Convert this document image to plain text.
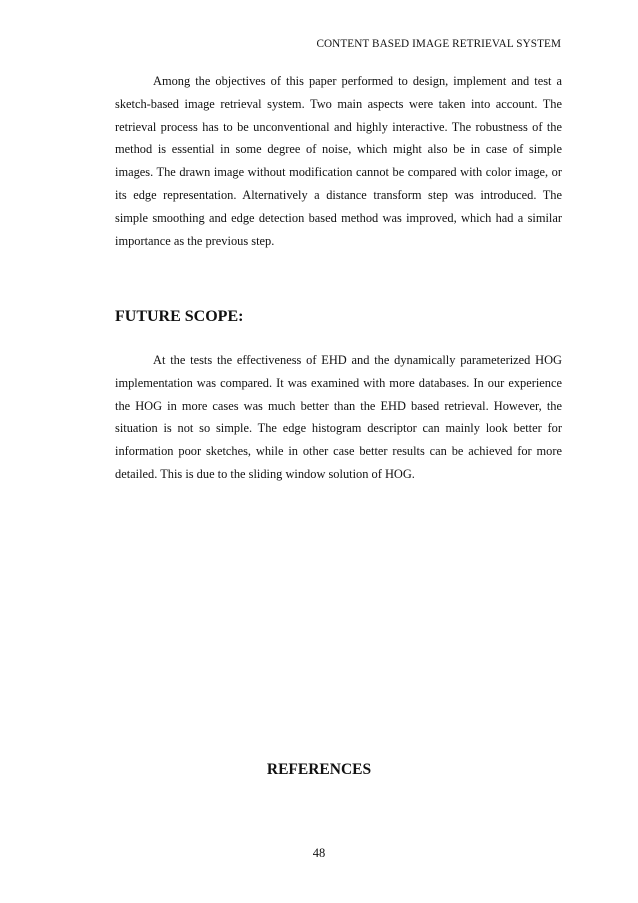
CONTENT BASED IMAGE RETRIEVAL SYSTEM

Among the objectives of this paper performed to design, implement and test a sketch-based image retrieval system. Two main aspects were taken into account. The retrieval process has to be unconventional and highly interactive. The robustness of the method is essential in some degree of noise, which might also be in case of simple images. The drawn image without modification cannot be compared with color image, or its edge representation. Alternatively a distance transform step was introduced. The simple smoothing and edge detection based method was improved, which had a similar importance as the previous step.

FUTURE SCOPE:

At the tests the effectiveness of EHD and the dynamically parameterized HOG implementation was compared. It was examined with more databases. In our experience the HOG in more cases was much better than the EHD based retrieval. However, the situation is not so simple. The edge histogram descriptor can mainly look better for information poor sketches, while in other case better results can be achieved for more detailed. This is due to the sliding window solution of HOG.

REFERENCES
48
